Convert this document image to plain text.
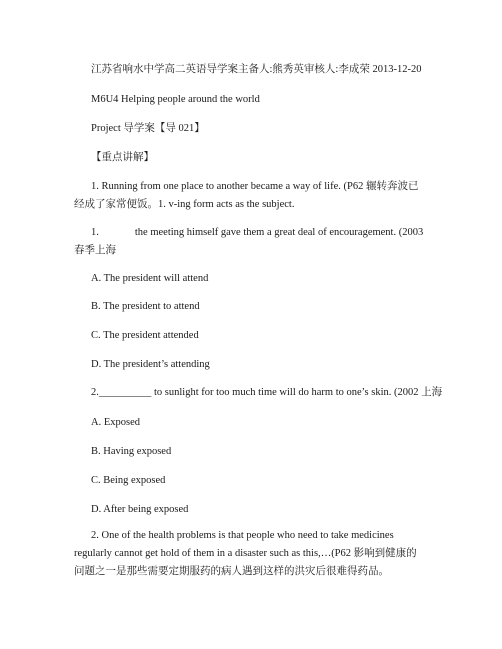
江苏省响水中学高二英语导学案主备人:熊秀英审核人:李成荣 2013-12-20
M6U4 Helping people around the world
Project 导学案【导 021】
【重点讲解】
1. Running from one place to another became a way of life. (P62 辗转奔波已经成了家常便饭。1. v-ing form acts as the subject.
1.	the meeting himself gave them a great deal of encouragement. (2003 春季上海
A. The president will attend
B. The president to attend
C. The president attended
D. The president’s attending
2.__________ to sunlight for too much time will do harm to one’s skin. (2002 上海
A. Exposed
B. Having exposed
C. Being exposed
D. After being exposed
2. One of the health problems is that people who need to take medicines regularly cannot get hold of them in a disaster such as this,…(P62 影响到健康的问题之一是那些需要定期服药的病人遇到这样的洪灾后很难得药品。
